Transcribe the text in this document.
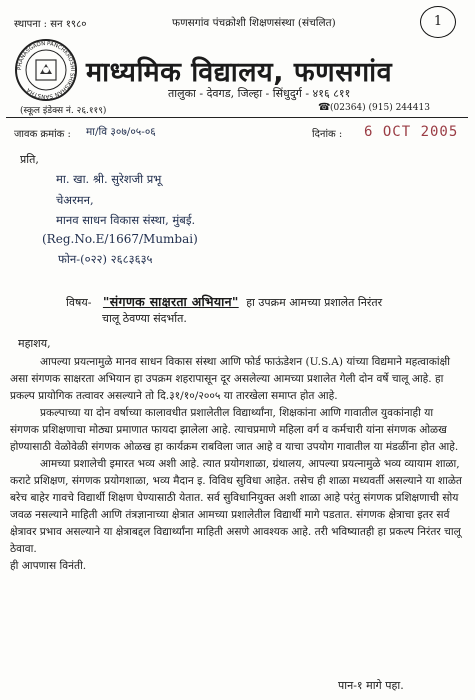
1
स्थापना : सन १९८०	फणसगांव पंचक्रोशी शिक्षणसंस्था (संचलित)
PHANASGAON PANCHKROSHI SHIKSHAN SANSTHA
माध्यमिक विद्यालय, फणसगांव
तालुका - देवगड, जिल्हा - सिंधुदुर्ग - ४१६ ८११
(स्कूल इंडेक्स नं. २६.११९)	(02364) (915) 244413
☎
जावक क्रमांक : मा/वि ३०७/०५-०६	दिनांक : 6 OCT 2005
प्रति,
मा. खा. श्री. सुरेशजी प्रभू
चेअरमन,
मानव साधन विकास संस्था, मुंबई.
(Reg.No.E/1667/Mumbai)
फोन-(०२२) २६८३६३५
विषय- "संगणक साक्षरता अभियान" हा उपक्रम आमच्या प्रशालेत निरंतर
चालू ठेवण्या संदर्भात.
महाशय,

आपल्या प्रयत्नामुळे मानव साधन विकास संस्था आणि फोर्ड फाऊंडेशन (U.S.A) यांच्या विद्यमाने महत्वाकांक्षी असा संगणक साक्षरता अभियान हा उपक्रम शहरापासून दूर असलेल्या आमच्या प्रशालेत गेली दोन वर्षे चालू आहे. हा प्रकल्प प्रायोगिक तत्वावर असल्याने तो दि.३१/१०/२००५ या तारखेला समाप्त होत आहे.

प्रकल्पाच्या या दोन वर्षाच्या कालावधीत प्रशालेतील विद्यार्थ्यांना, शिक्षकांना आणि गावातील युवकांनाही या संगणक प्रशिक्षणाचा मोठ्या प्रमाणात फायदा झालेला आहे. त्याचप्रमाणे महिला वर्ग व कर्मचारी यांना संगणक ओळख होण्यासाठी वेळोवेळी संगणक ओळख हा कार्यक्रम राबविला जात आहे व याचा उपयोग गावातील या मंडळींना होत आहे.

आमच्या प्रशालेची इमारत भव्य अशी आहे. त्यात प्रयोगशाळा, ग्रंथालय, आपल्या प्रयत्नामुळे भव्य व्यायाम शाळा, कराटे प्रशिक्षण, संगणक प्रयोगशाळा, भव्य मैदान इ. विविध सुविधा आहेत. तसेच ही शाळा मध्यवर्ती असल्याने या शाळेत बरेच बाहेर गावचे विद्यार्थी शिक्षण घेण्यासाठी येतात. सर्व सुविधानियुक्त अशी शाळा आहे परंतु संगणक प्रशिक्षणाची सोय जवळ नसल्याने माहिती आणि तंत्रज्ञानाच्या क्षेत्रात आमच्या प्रशालेतील विद्यार्थी मागे पडतात. संगणक क्षेत्राचा इतर सर्व क्षेत्रावर प्रभाव असल्याने या क्षेत्राबद्दल विद्यार्थ्यांना माहिती असणे आवश्यक आहे. तरी भविष्यातही हा प्रकल्प निरंतर चालू ठेवावा.

ही आपणास विनंती.

पान-१ मागे पहा.
